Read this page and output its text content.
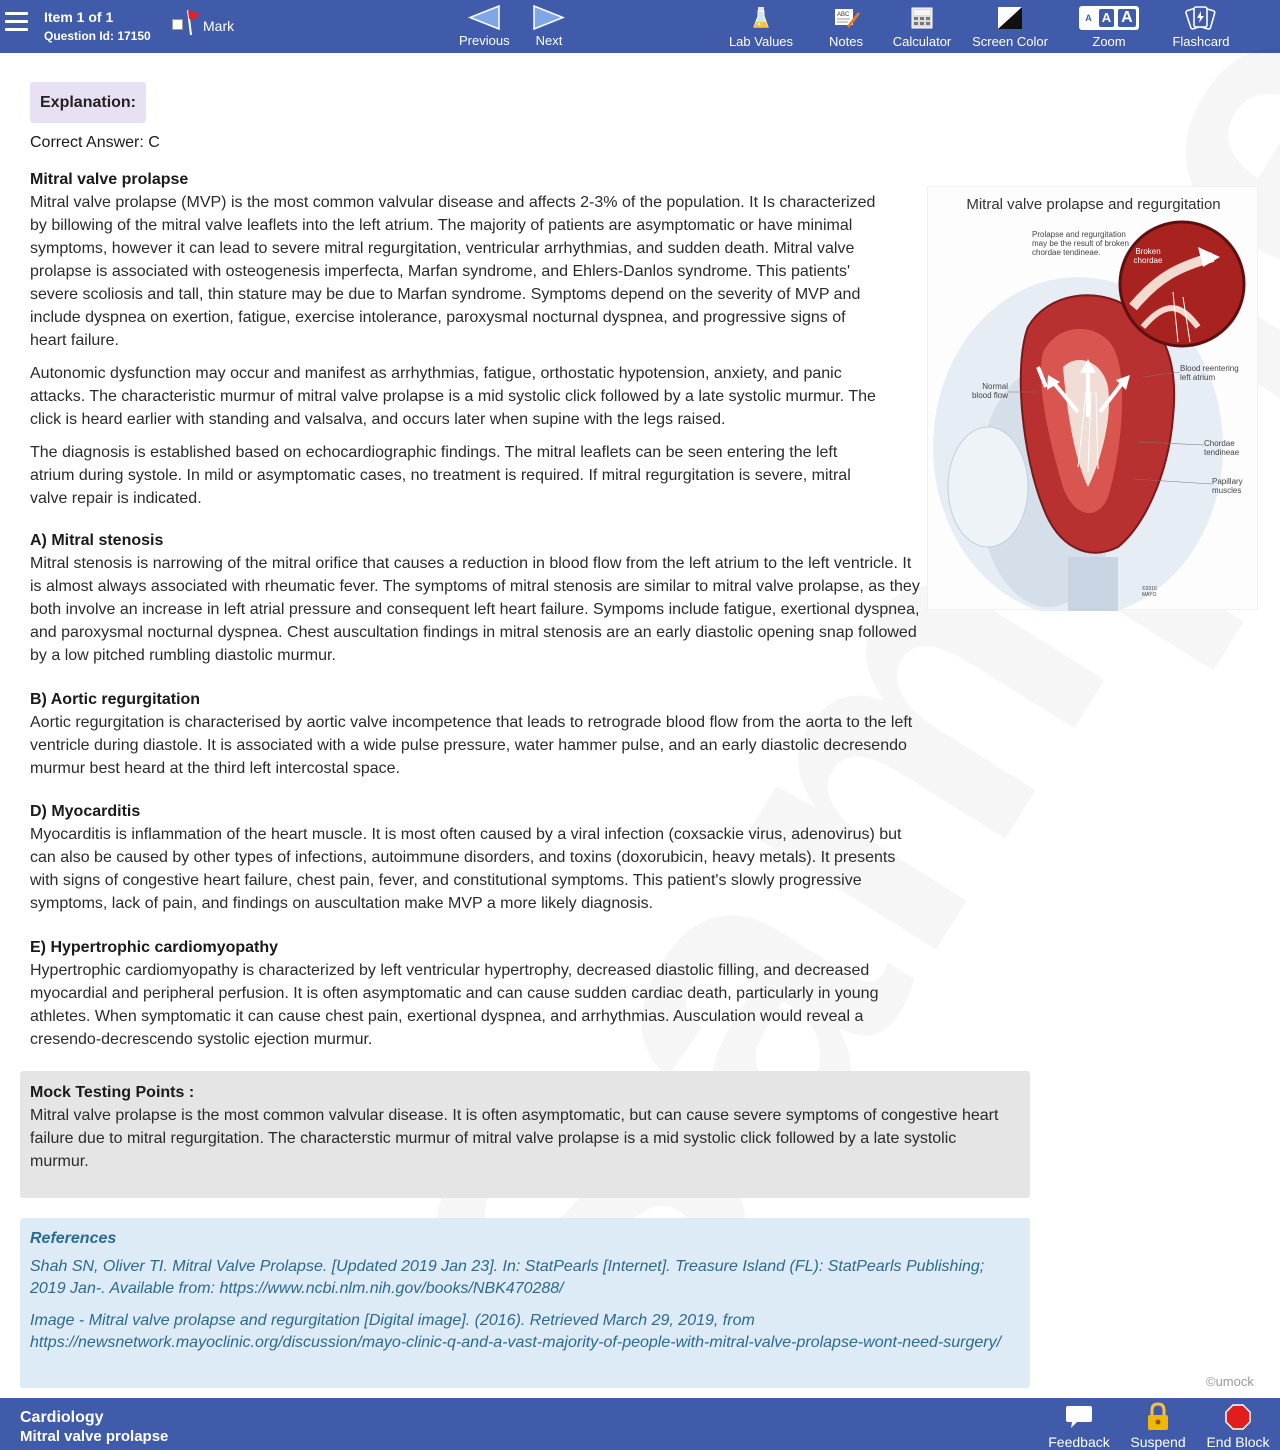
Item 1 of 1
Question Id: 17150
Mark
Previous	Next	Lab Values
ABC
Notes Calculator Screen Color
A A A
Zoom	Flashcard
Explanation:
Correct Answer: C
Mitral valve prolapse

Mitral valve prolapse (MVP) is the most common valvular disease and affects 2-3% of the population. It Is characterized by billowing of the mitral valve leaflets into the left atrium. The majority of patients are asymptomatic or have minimal symptoms, however it can lead to severe mitral regurgitation, ventricular arrhythmias, and sudden death. Mitral valve prolapse is associated with osteogenesis imperfecta, Marfan syndrome, and Ehlers-Danlos syndrome. This patients' severe scoliosis and tall, thin stature may be due to Marfan syndrome. Symptoms depend on the severity of MVP and include dyspnea on exertion, fatigue, exercise intolerance, paroxysmal nocturnal dyspnea, and progressive signs of heart failure.

Autonomic dysfunction may occur and manifest as arrhythmias, fatigue, orthostatic hypotension, anxiety, and panic attacks. The characteristic murmur of mitral valve prolapse is a mid systolic click followed by a late systolic murmur. The click is heard earlier with standing and valsalva, and occurs later when supine with the legs raised.

The diagnosis is established based on echocardiographic findings. The mitral leaflets can be seen entering the left atrium during systole. In mild or asymptomatic cases, no treatment is required. If mitral regurgitation is severe, mitral valve repair is indicated.

A) Mitral stenosis

Mitral stenosis is narrowing of the mitral orifice that causes a reduction in blood flow from the left atrium to the left ventricle. It is almost always associated with rheumatic fever. The symptoms of mitral stenosis are similar to mitral valve prolapse, as they both involve an increase in left atrial pressure and consequent left heart failure. Sympoms include fatigue, exertional dyspnea, and paroxysmal nocturnal dyspnea. Chest auscultation findings in mitral stenosis are an early diastolic opening snap followed by a low pitched rumbling diastolic murmur.

B) Aortic regurgitation

Aortic regurgitation is characterised by aortic valve incompetence that leads to retrograde blood flow from the aorta to the left ventricle during diastole. It is associated with a wide pulse pressure, water hammer pulse, and an early diastolic decresendo murmur best heard at the third left intercostal space.

D) Myocarditis

Myocarditis is inflammation of the heart muscle. It is most often caused by a viral infection (coxsackie virus, adenovirus) but can also be caused by other types of infections, autoimmune disorders, and toxins (doxorubicin, heavy metals). It presents with signs of congestive heart failure, chest pain, fever, and constitutional symptoms. This patient's slowly progressive symptoms, lack of pain, and findings on auscultation make MVP a more likely diagnosis.

E) Hypertrophic cardiomyopathy

Hypertrophic cardiomyopathy is characterized by left ventricular hypertrophy, decreased diastolic filling, and decreased myocardial and peripheral perfusion. It is often asymptomatic and can cause sudden cardiac death, particularly in young athletes. When symptomatic it can cause chest pain, exertional dyspnea, and arrhythmias. Ausculation would reveal a cresendo-decrescendo systolic ejection murmur.

Mitral valve prolapse and regurgitation
Prolapse and regurgitation may be the result of broken chordae tendineae.	Broken chordae
Blood reentering left atrium
Normal blood flow
Chordae tendineae
Papillary muscles
©2016 MAYO
Mock Testing Points :

Mitral valve prolapse is the most common valvular disease. It is often asymptomatic, but can cause severe symptoms of congestive heart failure due to mitral regurgitation. The characterstic murmur of mitral valve prolapse is a mid systolic click followed by a late systolic murmur.

References

Shah SN, Oliver TI. Mitral Valve Prolapse. [Updated 2019 Jan 23]. In: StatPearls [Internet]. Treasure Island (FL): StatPearls Publishing; 2019 Jan-. Available from: https://www.ncbi.nlm.nih.gov/books/NBK470288/

Image - Mitral valve prolapse and regurgitation [Digital image]. (2016). Retrieved March 29, 2019, from https://newsnetwork.mayoclinic.org/discussion/mayo-clinic-q-and-a-vast-majority-of-people-with-mitral-valve-prolapse-wont-need-surgery/

©umock
Cardiology
Mitral valve prolapse	Feedback Suspend End Block
